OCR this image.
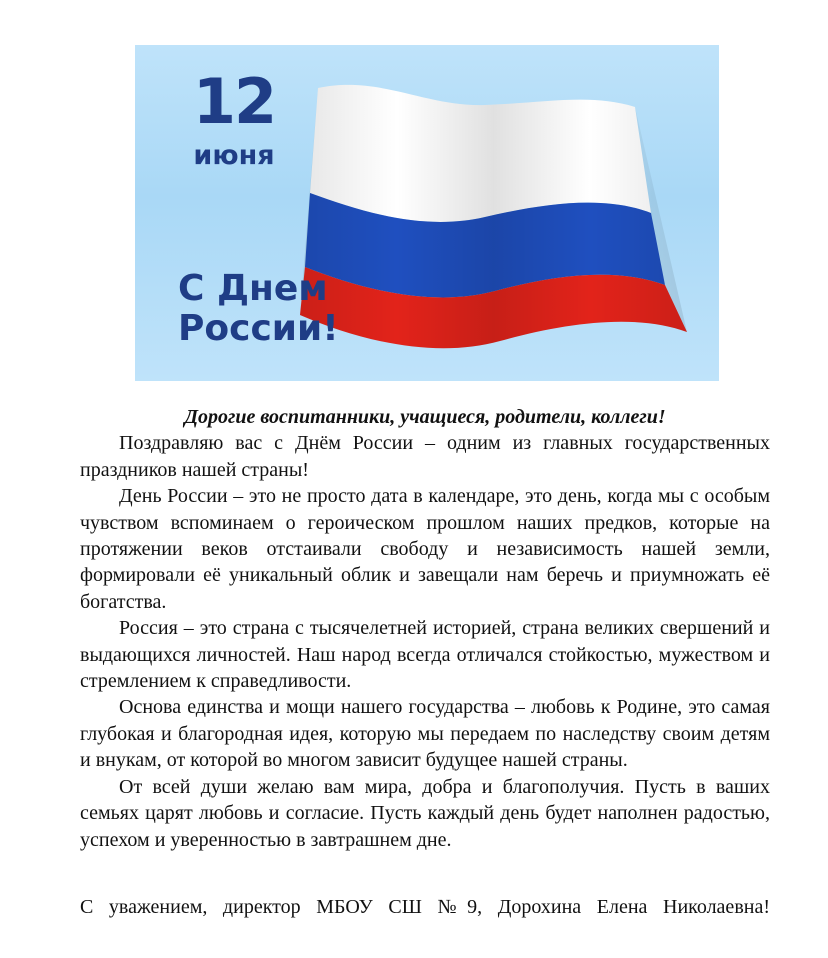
12
июня
С Днем
России!

Дорогие воспитанники, учащиеся, родители, коллеги!

Поздравляю вас с Днём России – одним из главных государственных праздников нашей страны!

День России – это не просто дата в календаре, это день, когда мы с особым чувством вспоминаем о героическом прошлом наших предков, которые на протяжении веков отстаивали свободу и независимость нашей земли, формировали её уникальный облик и завещали нам беречь и приумножать её богатства.

Россия – это страна с тысячелетней историей, страна великих свершений и выдающихся личностей. Наш народ всегда отличался стойкостью, мужеством и стремлением к справедливости.

Основа единства и мощи нашего государства – любовь к Родине, это самая глубокая и благородная идея, которую мы передаем по наследству своим детям и внукам, от которой во многом зависит будущее нашей страны.

От всей души желаю вам мира, добра и благополучия. Пусть в ваших семьях царят любовь и согласие. Пусть каждый день будет наполнен радостью, успехом и уверенностью в завтрашнем дне.

С уважением, директор МБОУ СШ №9, Дорохина Елена Николаевна!
